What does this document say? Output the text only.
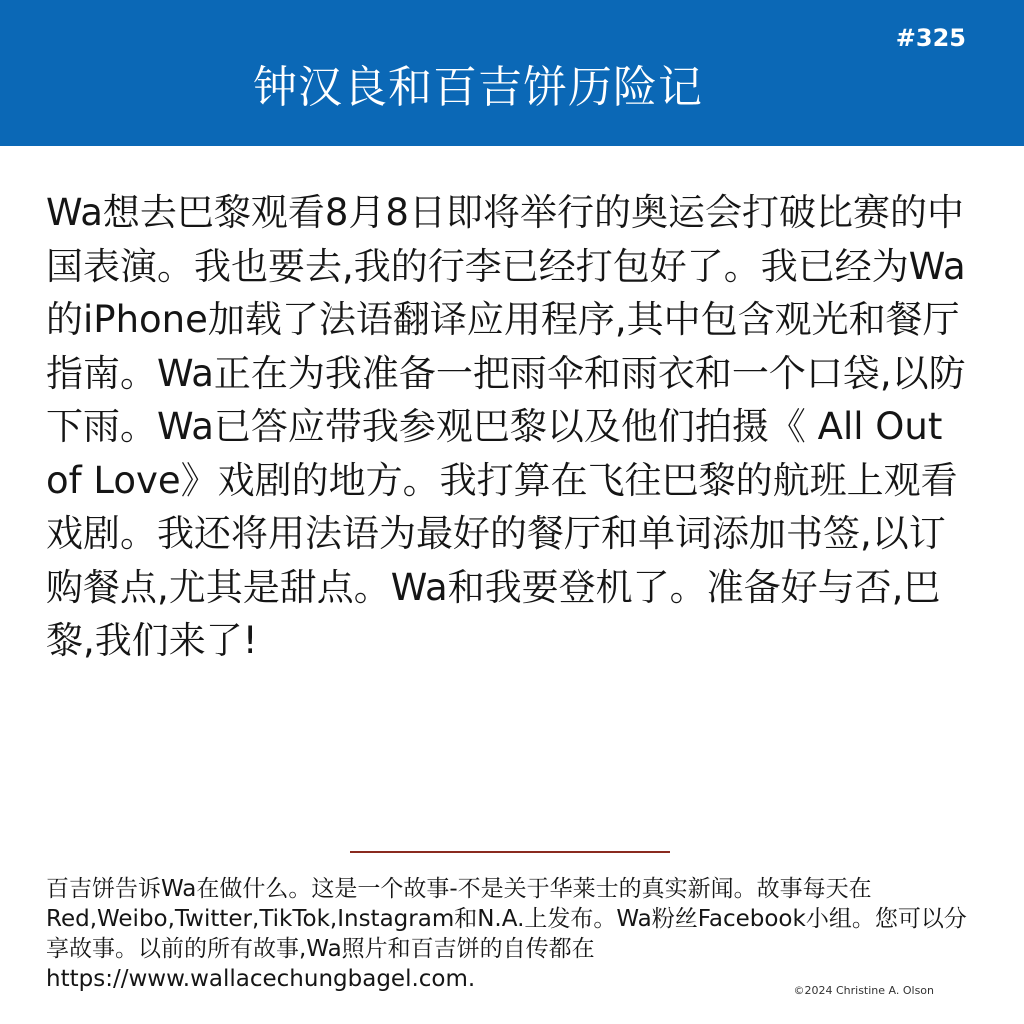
#325
钟汉良和百吉饼历险记

Wa想去巴黎观看8月8日即将举行的奥运会打破比赛的中国表演。我也要去,我的行李已经打包好了。我已经为Wa的iPhone加载了法语翻译应用程序,其中包含观光和餐厅指南。Wa正在为我准备一把雨伞和雨衣和一个口袋,以防下雨。Wa已答应带我参观巴黎以及他们拍摄《 All Out of Love》戏剧的地方。我打算在飞往巴黎的航班上观看戏剧。我还将用法语为最好的餐厅和单词添加书签,以订购餐点,尤其是甜点。Wa和我要登机了。准备好与否,巴黎,我们来了!

百吉饼告诉Wa在做什么。这是一个故事-不是关于华莱士的真实新闻。故事每天在Red,Weibo,Twitter,TikTok,Instagram和N.A.上发布。Wa粉丝Facebook小组。您可以分享故事。以前的所有故事,Wa照片和百吉饼的自传都在https://www.wallacechungbagel.com.	©2024 Christine A. Olson
